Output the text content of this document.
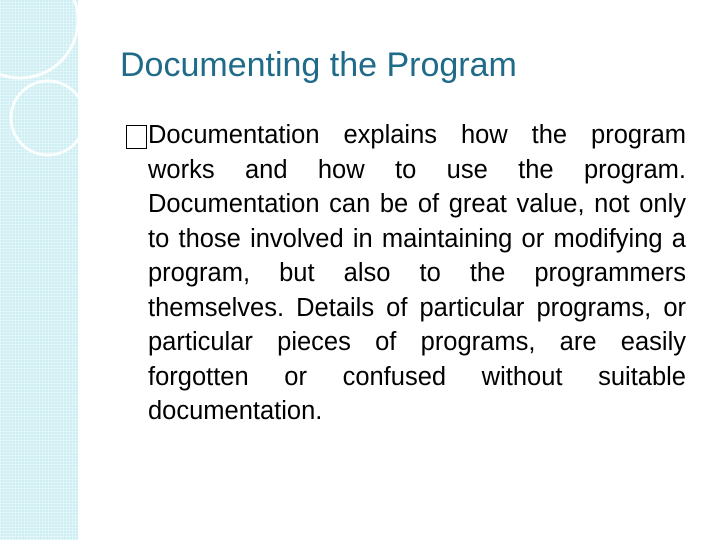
Documenting the Program

Documentation explains how the program works and how to use the program. Documentation can be of great value, not only to those involved in maintaining or modifying a program, but also to the programmers themselves. Details of particular programs, or particular pieces of programs, are easily forgotten or confused without suitable documentation.
